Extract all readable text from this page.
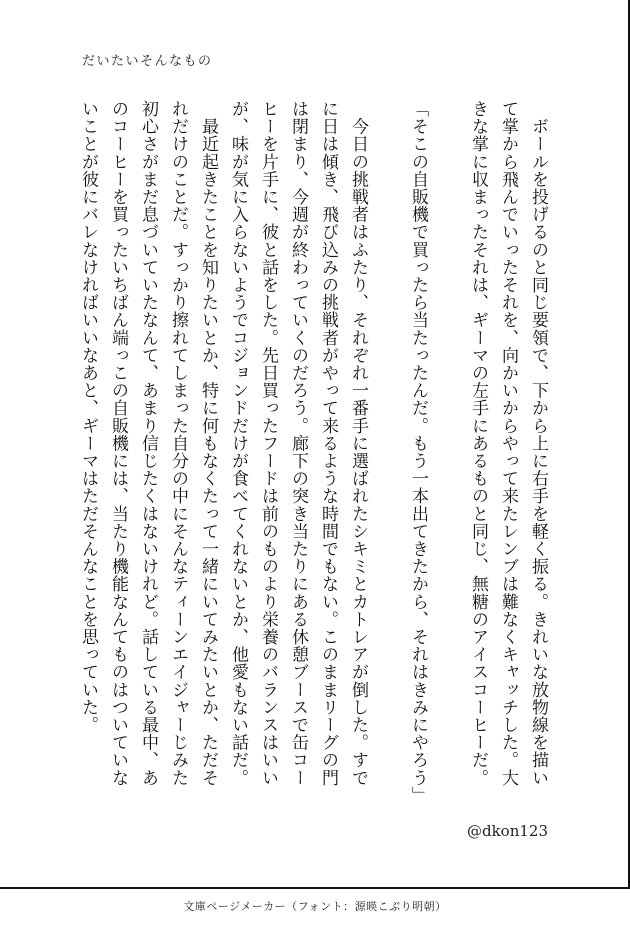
だいたいそんなもの

　ボールを投げるのと同じ要領で、下から上に右手を軽く振る。きれいな放物線を描い

て掌から飛んでいったそれを、向かいからやって来たレンブは難なくキャッチした。大

きな掌に収まったそれは、ギーマの左手にあるものと同じ、無糖のアイスコーヒーだ。

「そこの自販機で買ったら当たったんだ。もう一本出てきたから、それはきみにやろう」

　今日の挑戦者はふたり、それぞれ一番手に選ばれたシキミとカトレアが倒した。すで

に日は傾き、飛び込みの挑戦者がやって来るような時間でもない。このままリーグの門

は閉まり、今週が終わっていくのだろう。廊下の突き当たりにある休憩ブースで缶コー

ヒーを片手に、彼と話をした。先日買ったフードは前のものより栄養のバランスはいい

が、味が気に入らないようでコジョンドだけが食べてくれないとか、他愛もない話だ。

　最近起きたことを知りたいとか、特に何もなくたって一緒にいてみたいとか、ただそ

れだけのことだ。すっかり擦れてしまった自分の中にそんなティーンエイジャーじみた

初心さがまだ息づいていたなんて、あまり信じたくはないけれど。話している最中、あ

のコーヒーを買ったいちばん端っこの自販機には、当たり機能なんてものはついていな

いことが彼にバレなければいいなあと、ギーマはただそんなことを思っていた。

@dkon123
文庫ページメーカー（フォント：源暎こぶり明朝）
